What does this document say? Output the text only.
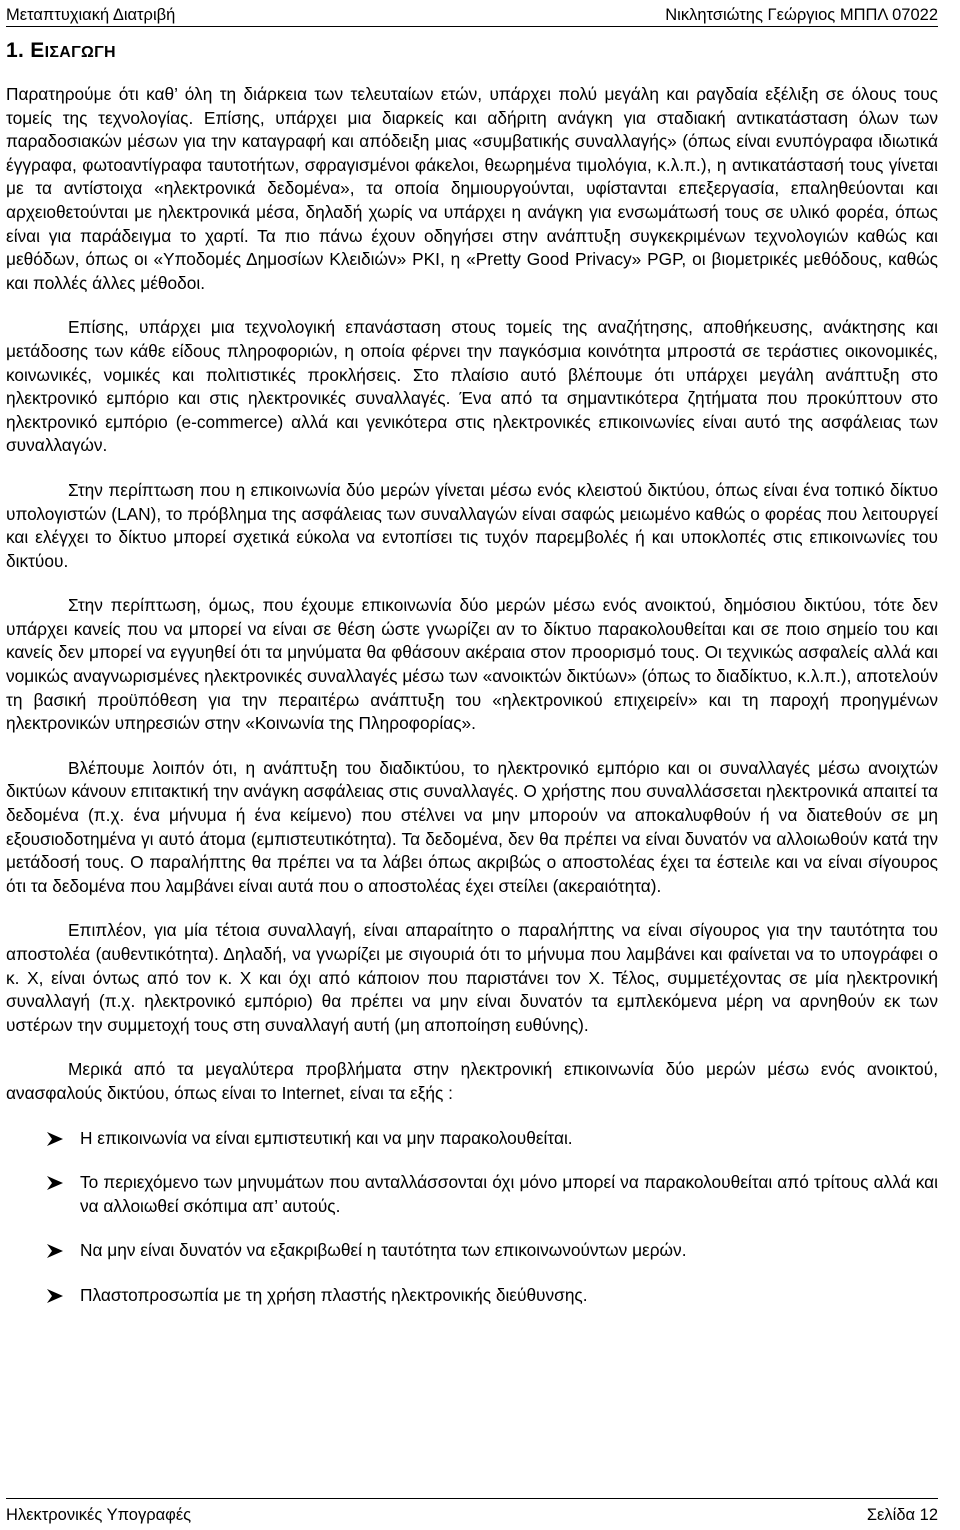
Μεταπτυχιακή Διατριβή	Νικλητσιώτης Γεώργιος ΜΠΠΛ 07022
1. ΕΙΣΑΓΩΓΗ

Παρατηρούμε ότι καθ’ όλη τη διάρκεια των τελευταίων ετών, υπάρχει πολύ μεγάλη και ραγδαία εξέλιξη σε όλους τους τομείς της τεχνολογίας. Επίσης, υπάρχει μια διαρκείς και αδήριτη ανάγκη για σταδιακή αντικατάσταση όλων των παραδοσιακών μέσων για την καταγραφή και απόδειξη μιας «συμβατικής συναλλαγής» (όπως είναι ενυπόγραφα ιδιωτικά έγγραφα, φωτοαντίγραφα ταυτοτήτων, σφραγισμένοι φάκελοι, θεωρημένα τιμολόγια, κ.λ.π.), η αντικατάστασή τους γίνεται με τα αντίστοιχα «ηλεκτρονικά δεδομένα», τα οποία δημιουργούνται, υφίστανται επεξεργασία, επαληθεύονται και αρχειοθετούνται με ηλεκτρονικά μέσα, δηλαδή χωρίς να υπάρχει η ανάγκη για ενσωμάτωσή τους σε υλικό φορέα, όπως είναι για παράδειγμα το χαρτί. Τα πιο πάνω έχουν οδηγήσει στην ανάπτυξη συγκεκριμένων τεχνολογιών καθώς και μεθόδων, όπως οι «Υποδομές Δημοσίων Κλειδιών» PKI, η «Pretty Good Privacy» PGP, οι βιομετρικές μεθόδους, καθώς και πολλές άλλες μέθοδοι.

Επίσης, υπάρχει μια τεχνολογική επανάσταση στους τομείς της αναζήτησης, αποθήκευσης, ανάκτησης και μετάδοσης των κάθε είδους πληροφοριών, η οποία φέρνει την παγκόσμια κοινότητα μπροστά σε τεράστιες οικονομικές, κοινωνικές, νομικές και πολιτιστικές προκλήσεις. Στο πλαίσιο αυτό βλέπουμε ότι υπάρχει μεγάλη ανάπτυξη στο ηλεκτρονικό εμπόριο και στις ηλεκτρονικές συναλλαγές. Ένα από τα σημαντικότερα ζητήματα που προκύπτουν στο ηλεκτρονικό εμπόριο (e-commerce) αλλά και γενικότερα στις ηλεκτρονικές επικοινωνίες είναι αυτό της ασφάλειας των συναλλαγών.

Στην περίπτωση που η επικοινωνία δύο μερών γίνεται μέσω ενός κλειστού δικτύου, όπως είναι ένα τοπικό δίκτυο υπολογιστών (LAN), το πρόβλημα της ασφάλειας των συναλλαγών είναι σαφώς μειωμένο καθώς ο φορέας που λειτουργεί και ελέγχει το δίκτυο μπορεί σχετικά εύκολα να εντοπίσει τις τυχόν παρεμβολές ή και υποκλοπές στις επικοινωνίες του δικτύου.

Στην περίπτωση, όμως, που έχουμε επικοινωνία δύο μερών μέσω ενός ανοικτού, δημόσιου δικτύου, τότε δεν υπάρχει κανείς που να μπορεί να είναι σε θέση ώστε γνωρίζει αν το δίκτυο παρακολουθείται και σε ποιο σημείο του και κανείς δεν μπορεί να εγγυηθεί ότι τα μηνύματα θα φθάσουν ακέραια στον προορισμό τους. Οι τεχνικώς ασφαλείς αλλά και νομικώς αναγνωρισμένες ηλεκτρονικές συναλλαγές μέσω των «ανοικτών δικτύων» (όπως το διαδίκτυο, κ.λ.π.), αποτελούν τη βασική προϋπόθεση για την περαιτέρω ανάπτυξη του «ηλεκτρονικού επιχειρείν» και τη παροχή προηγμένων ηλεκτρονικών υπηρεσιών στην «Κοινωνία της Πληροφορίας».

Βλέπουμε λοιπόν ότι, η ανάπτυξη του διαδικτύου, το ηλεκτρονικό εμπόριο και οι συναλλαγές μέσω ανοιχτών δικτύων κάνουν επιτακτική την ανάγκη ασφάλειας στις συναλλαγές. Ο χρήστης που συναλλάσσεται ηλεκτρονικά απαιτεί τα δεδομένα (π.χ. ένα μήνυμα ή ένα κείμενο) που στέλνει να μην μπορούν να αποκαλυφθούν ή να διατεθούν σε μη εξουσιοδοτημένα γι αυτό άτομα (εμπιστευτικότητα). Τα δεδομένα, δεν θα πρέπει να είναι δυνατόν να αλλοιωθούν κατά την μετάδοσή τους. Ο παραλήπτης θα πρέπει να τα λάβει όπως ακριβώς ο αποστολέας έχει τα έστειλε και να είναι σίγουρος ότι τα δεδομένα που λαμβάνει είναι αυτά που ο αποστολέας έχει στείλει (ακεραιότητα).

Επιπλέον, για μία τέτοια συναλλαγή, είναι απαραίτητο ο παραλήπτης να είναι σίγουρος για την ταυτότητα του αποστολέα (αυθεντικότητα). Δηλαδή, να γνωρίζει με σιγουριά ότι το μήνυμα που λαμβάνει και φαίνεται να το υπογράφει ο κ. Χ, είναι όντως από τον κ. Χ και όχι από κάποιον που παριστάνει τον Χ. Τέλος, συμμετέχοντας σε μία ηλεκτρονική συναλλαγή (π.χ. ηλεκτρονικό εμπόριο) θα πρέπει να μην είναι δυνατόν τα εμπλεκόμενα μέρη να αρνηθούν εκ των υστέρων την συμμετοχή τους στη συναλλαγή αυτή (μη αποποίηση ευθύνης).

Μερικά από τα μεγαλύτερα προβλήματα στην ηλεκτρονική επικοινωνία δύο μερών μέσω ενός ανοικτού, ανασφαλούς δικτύου, όπως είναι το Internet, είναι τα εξής :

Η επικοινωνία να είναι εμπιστευτική και να μην παρακολουθείται.
Το περιεχόμενο των μηνυμάτων που ανταλλάσσονται όχι μόνο μπορεί να παρακολουθείται από τρίτους αλλά και να αλλοιωθεί σκόπιμα απ’ αυτούς.
Να μην είναι δυνατόν να εξακριβωθεί η ταυτότητα των επικοινωνούντων μερών.
Πλαστοπροσωπία με τη χρήση πλαστής ηλεκτρονικής διεύθυνσης.
Ηλεκτρονικές Υπογραφές	Σελίδα 12
